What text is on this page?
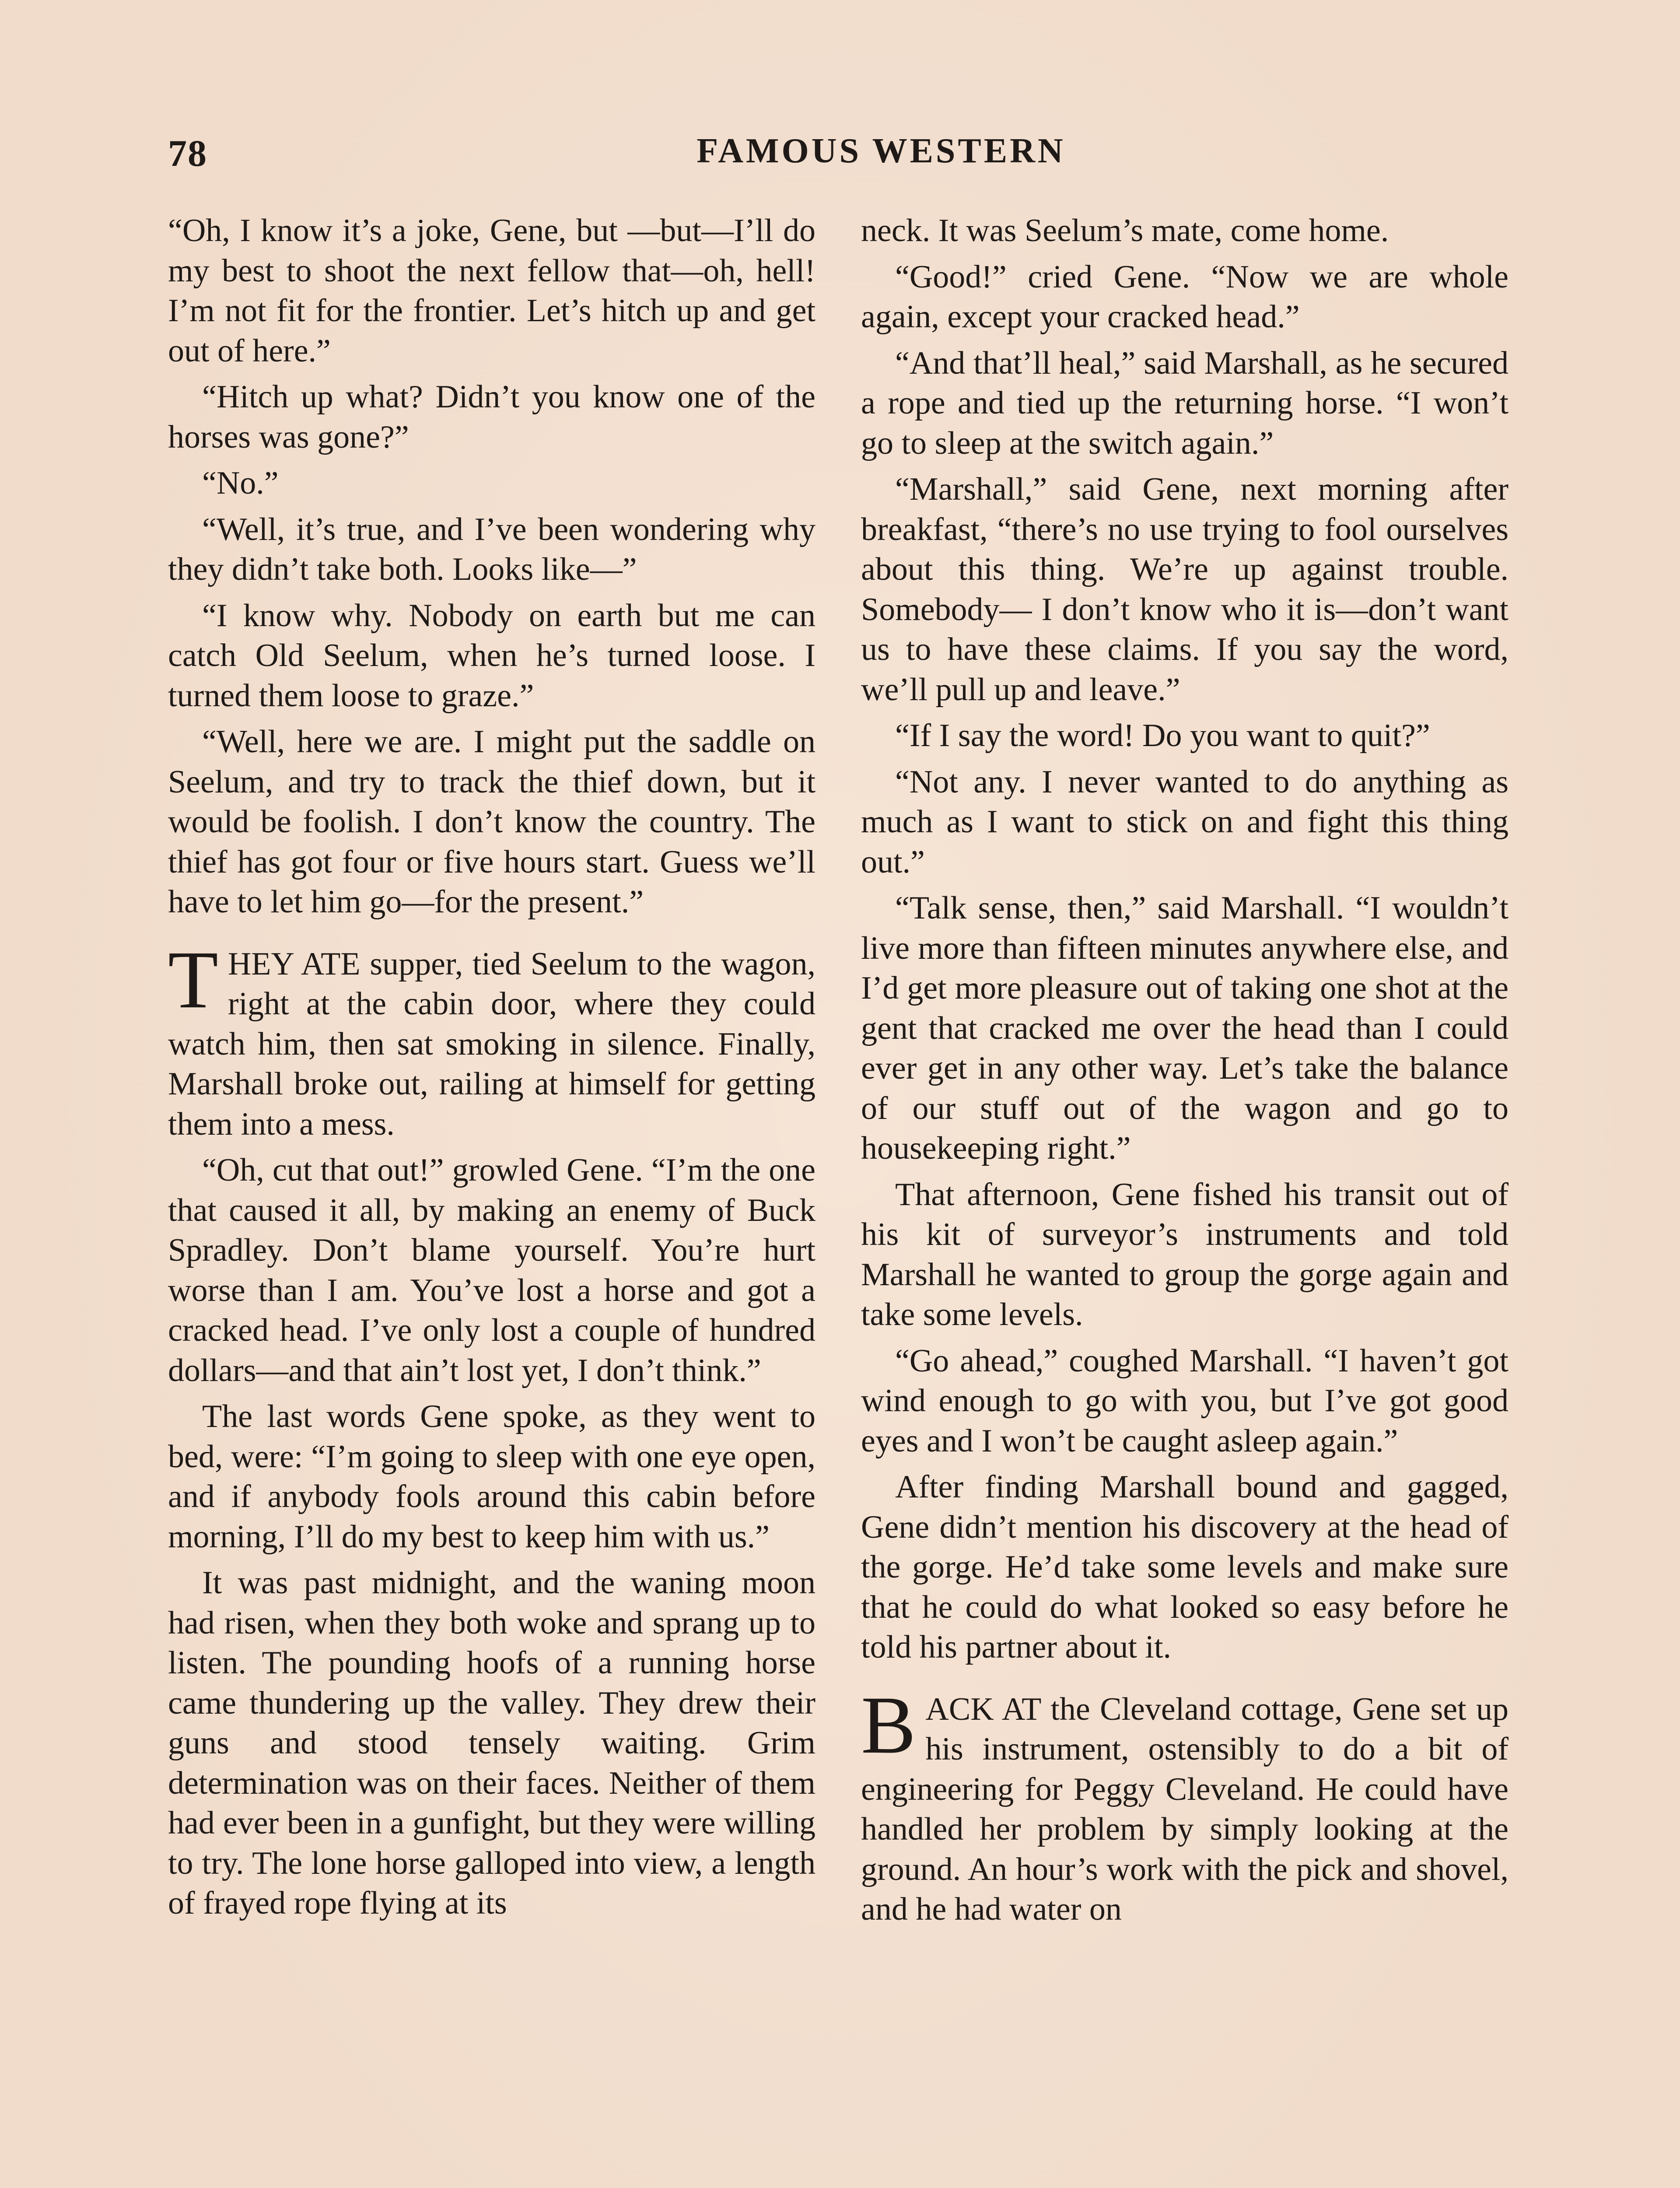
78	FAMOUS WESTERN

“Oh, I know it’s a joke, Gene, but —but—I’ll do my best to shoot the next fellow that—oh, hell! I’m not fit for the frontier. Let’s hitch up and get out of here.”

“Hitch up what? Didn’t you know one of the horses was gone?”

“No.”

“Well, it’s true, and I’ve been wondering why they didn’t take both. Looks like—”

“I know why. Nobody on earth but me can catch Old Seelum, when he’s turned loose. I turned them loose to graze.”

“Well, here we are. I might put the saddle on Seelum, and try to track the thief down, but it would be foolish. I don’t know the country. The thief has got four or five hours start. Guess we’ll have to let him go—for the present.”

THEY ATE supper, tied Seelum to the wagon, right at the cabin door, where they could watch him, then sat smoking in silence. Finally, Marshall broke out, railing at himself for getting them into a mess.

“Oh, cut that out!” growled Gene. “I’m the one that caused it all, by making an enemy of Buck Spradley. Don’t blame yourself. You’re hurt worse than I am. You’ve lost a horse and got a cracked head. I’ve only lost a couple of hundred dollars—and that ain’t lost yet, I don’t think.”

The last words Gene spoke, as they went to bed, were: “I’m going to sleep with one eye open, and if anybody fools around this cabin before morning, I’ll do my best to keep him with us.”

It was past midnight, and the waning moon had risen, when they both woke and sprang up to listen. The pounding hoofs of a running horse came thundering up the valley. They drew their guns and stood tensely waiting. Grim determination was on their faces. Neither of them had ever been in a gunfight, but they were willing to try. The lone horse galloped into view, a length of frayed rope flying at its

neck. It was Seelum’s mate, come home.

“Good!” cried Gene. “Now we are whole again, except your cracked head.”

“And that’ll heal,” said Marshall, as he secured a rope and tied up the returning horse. “I won’t go to sleep at the switch again.”

“Marshall,” said Gene, next morning after breakfast, “there’s no use trying to fool ourselves about this thing. We’re up against trouble. Somebody— I don’t know who it is—don’t want us to have these claims. If you say the word, we’ll pull up and leave.”

“If I say the word! Do you want to quit?”

“Not any. I never wanted to do anything as much as I want to stick on and fight this thing out.”

“Talk sense, then,” said Marshall. “I wouldn’t live more than fifteen minutes anywhere else, and I’d get more pleasure out of taking one shot at the gent that cracked me over the head than I could ever get in any other way. Let’s take the balance of our stuff out of the wagon and go to housekeeping right.”

That afternoon, Gene fished his transit out of his kit of surveyor’s instruments and told Marshall he wanted to group the gorge again and take some levels.

“Go ahead,” coughed Marshall. “I haven’t got wind enough to go with you, but I’ve got good eyes and I won’t be caught asleep again.”

After finding Marshall bound and gagged, Gene didn’t mention his discovery at the head of the gorge. He’d take some levels and make sure that he could do what looked so easy before he told his partner about it.

BACK AT the Cleveland cottage, Gene set up his instrument, ostensibly to do a bit of engineering for Peggy Cleveland. He could have handled her problem by simply looking at the ground. An hour’s work with the pick and shovel, and he had water on
